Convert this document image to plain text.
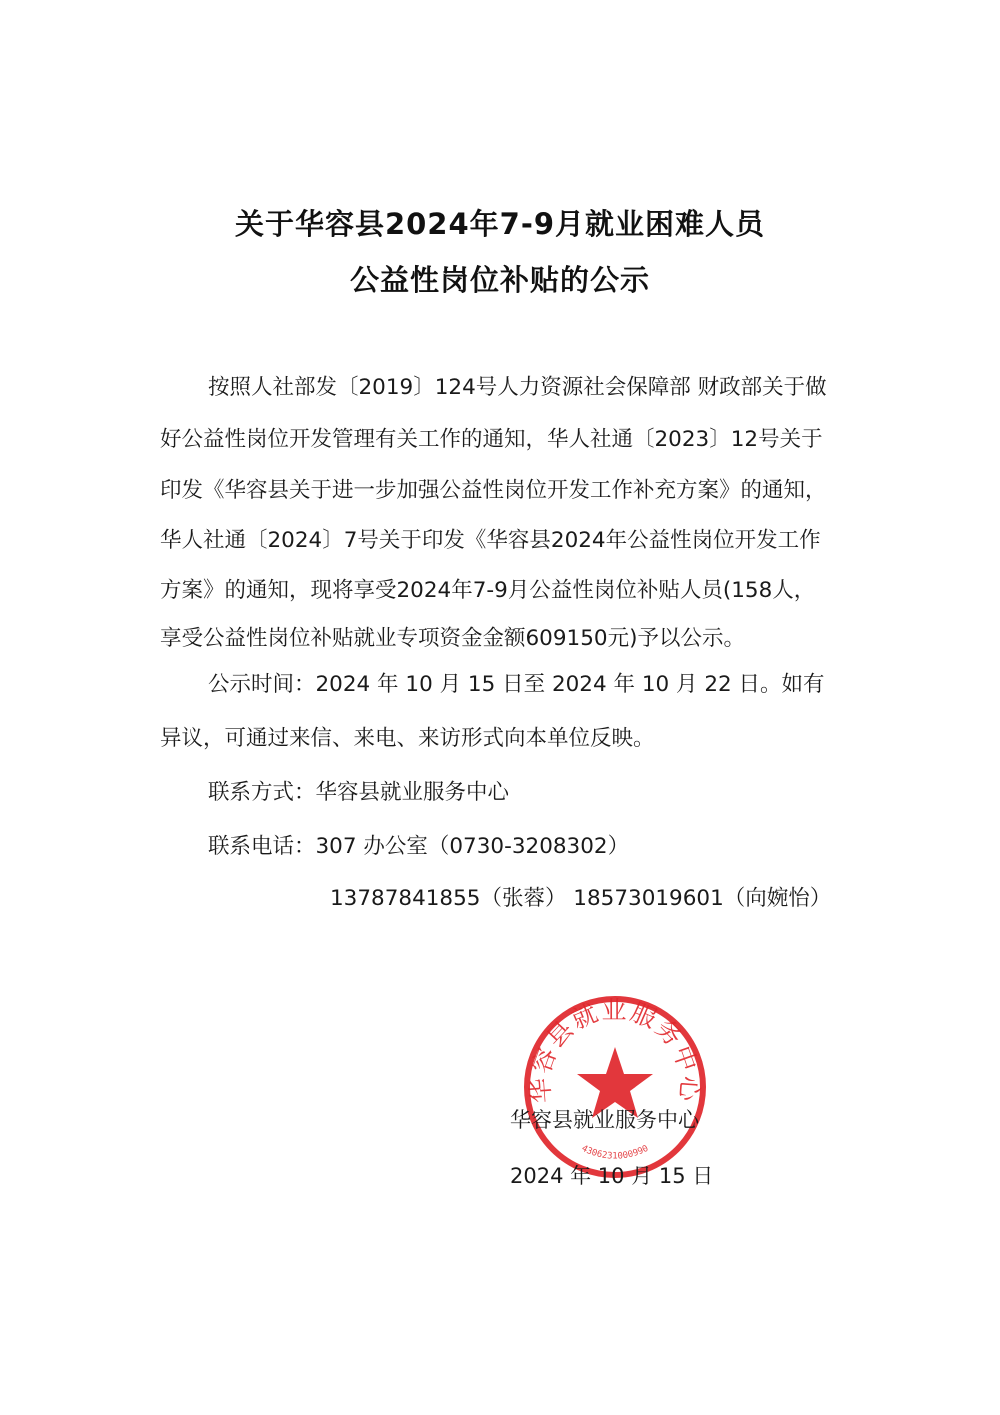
关于华容县2024年7-9月就业困难人员
公益性岗位补贴的公示
按照人社部发〔2019〕124号人力资源社会保障部 财政部关于做
好公益性岗位开发管理有关工作的通知，华人社通〔2023〕12号关于
印发《华容县关于进一步加强公益性岗位开发工作补充方案》的通知，
华人社通〔2024〕7号关于印发《华容县2024年公益性岗位开发工作
方案》的通知，现将享受2024年7-9月公益性岗位补贴人员(158人，
享受公益性岗位补贴就业专项资金金额609150元)予以公示。
公示时间：2024 年 10 月 15 日至 2024 年 10 月 22 日。如有
异议，可通过来信、来电、来访形式向本单位反映。
联系方式：华容县就业服务中心
联系电话：307 办公室（0730-3208302）
13787841855（张蓉） 18573019601（向婉怡）
华容县就业服务中心
4306231000990
华容县就业服务中心
2024 年 10 月 15 日
